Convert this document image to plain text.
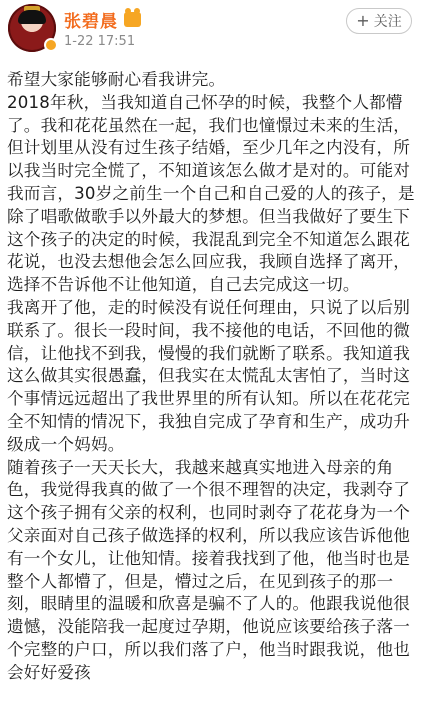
张碧晨
1-22 17:51
+ 关注

希望大家能够耐心看我讲完。

2018年秋，当我知道自己怀孕的时候，我整个人都懵了。我和花花虽然在一起，我们也憧憬过未来的生活，但计划里从没有过生孩子结婚，至少几年之内没有，所以我当时完全慌了，不知道该怎么做才是对的。可能对我而言，30岁之前生一个自己和自己爱的人的孩子，是除了唱歌做歌手以外最大的梦想。但当我做好了要生下这个孩子的决定的时候，我混乱到完全不知道怎么跟花花说，也没去想他会怎么回应我，我顾自选择了离开，选择不告诉他不让他知道，自己去完成这一切。

我离开了他，走的时候没有说任何理由，只说了以后别联系了。很长一段时间，我不接他的电话，不回他的微信，让他找不到我，慢慢的我们就断了联系。我知道我这么做其实很愚蠢，但我实在太慌乱太害怕了，当时这个事情远远超出了我世界里的所有认知。所以在花花完全不知情的情况下，我独自完成了孕育和生产，成功升级成一个妈妈。

随着孩子一天天长大，我越来越真实地进入母亲的角色，我觉得我真的做了一个很不理智的决定，我剥夺了这个孩子拥有父亲的权利，也同时剥夺了花花身为一个父亲面对自己孩子做选择的权利，所以我应该告诉他他有一个女儿，让他知情。接着我找到了他，他当时也是整个人都懵了，但是，懵过之后，在见到孩子的那一刻，眼睛里的温暖和欣喜是骗不了人的。他跟我说他很遗憾，没能陪我一起度过孕期，他说应该要给孩子落一个完整的户口，所以我们落了户，他当时跟我说，他也会好好爱孩
